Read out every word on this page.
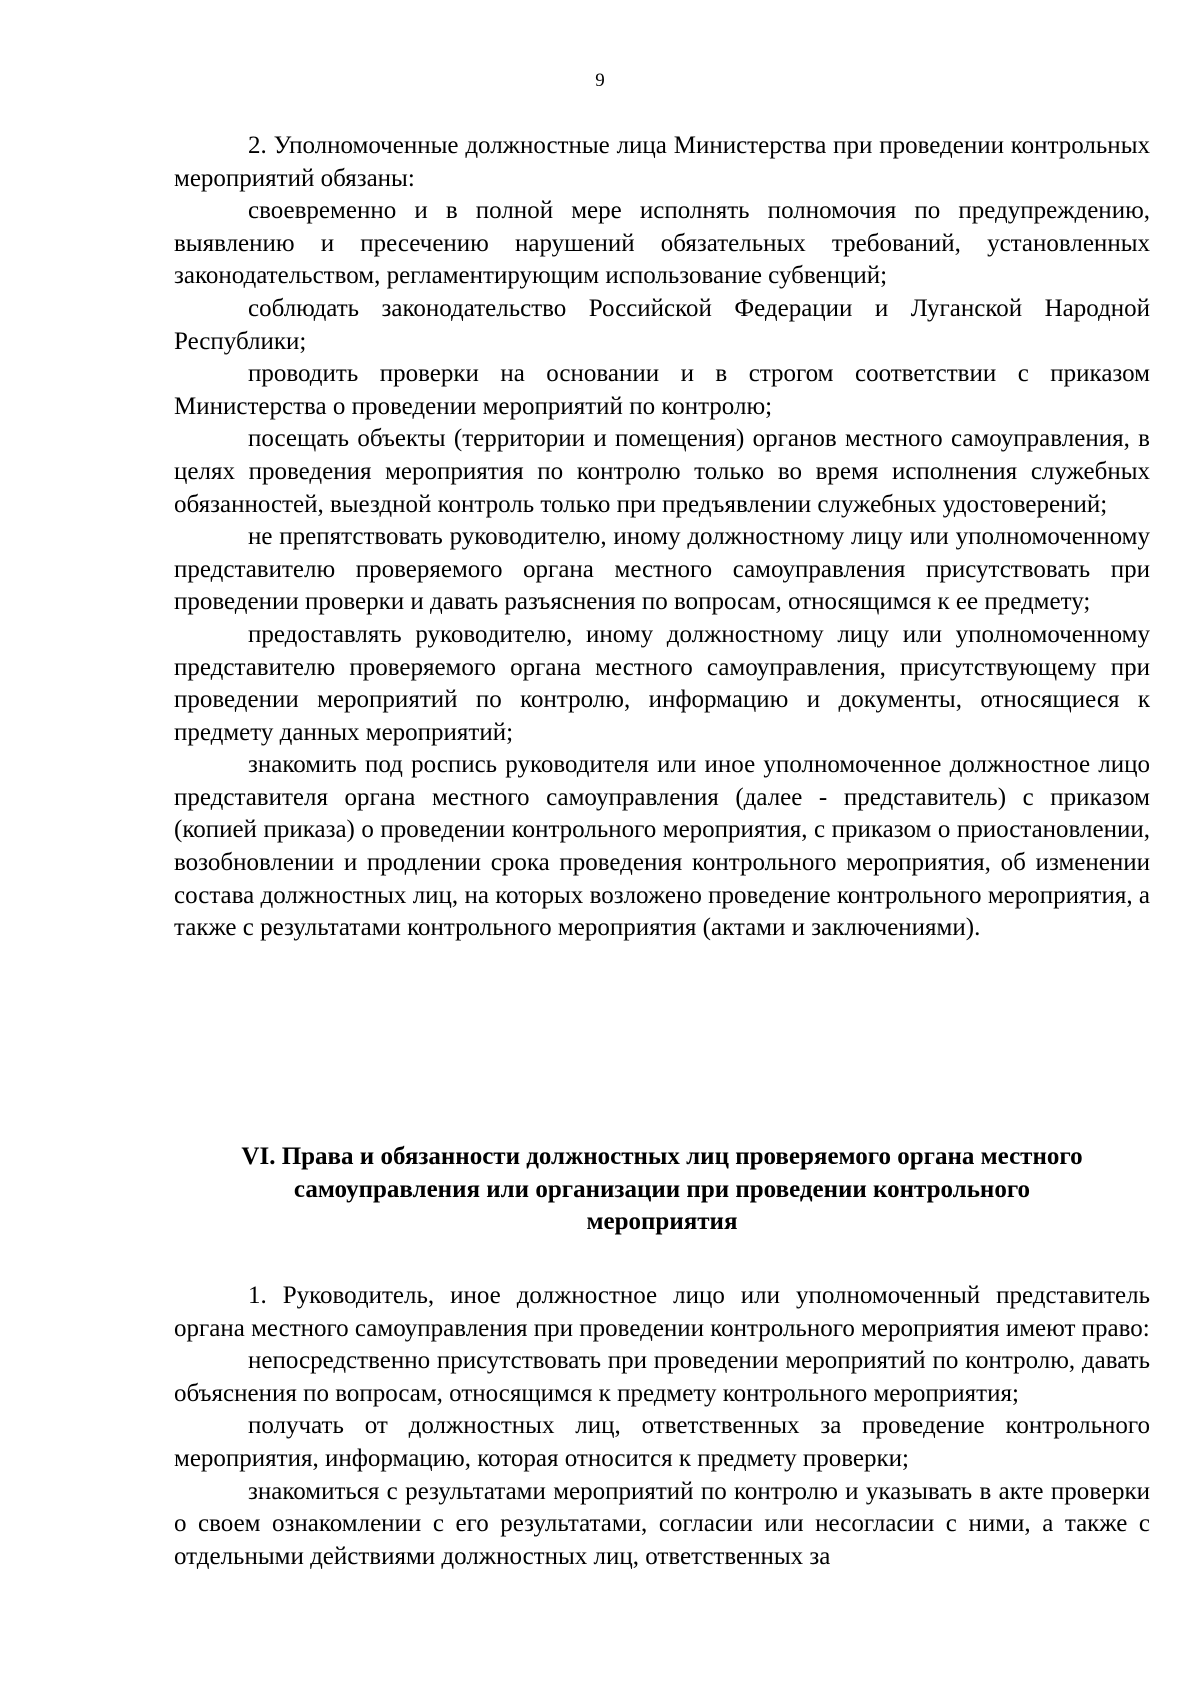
9

2. Уполномоченные должностные лица Министерства при проведении контрольных мероприятий обязаны:

своевременно и в полной мере исполнять полномочия по предупреждению, выявлению и пресечению нарушений обязательных требований, установленных законодательством, регламентирующим использование субвенций;

соблюдать законодательство Российской Федерации и Луганской Народной Республики;

проводить проверки на основании и в строгом соответствии с приказом Министерства о проведении мероприятий по контролю;

посещать объекты (территории и помещения) органов местного самоуправления, в целях проведения мероприятия по контролю только во время исполнения служебных обязанностей, выездной контроль только при предъявлении служебных удостоверений;

не препятствовать руководителю, иному должностному лицу или уполномоченному представителю проверяемого органа местного самоуправления присутствовать при проведении проверки и давать разъяснения по вопросам, относящимся к ее предмету;

предоставлять руководителю, иному должностному лицу или уполномоченному представителю проверяемого органа местного самоуправления, присутствующему при проведении мероприятий по контролю, информацию и документы, относящиеся к предмету данных мероприятий;

знакомить под роспись руководителя или иное уполномоченное должностное лицо представителя органа местного самоуправления (далее - представитель) с приказом (копией приказа) о проведении контрольного мероприятия, с приказом о приостановлении, возобновлении и продлении срока проведения контрольного мероприятия, об изменении состава должностных лиц, на которых возложено проведение контрольного мероприятия, а также с результатами контрольного мероприятия (актами и заключениями).

VI. Права и обязанности должностных лиц проверяемого органа местного
самоуправления или организации при проведении контрольного
мероприятия

1. Руководитель, иное должностное лицо или уполномоченный представитель органа местного самоуправления при проведении контрольного мероприятия имеют право:

непосредственно присутствовать при проведении мероприятий по контролю, давать объяснения по вопросам, относящимся к предмету контрольного мероприятия;

получать от должностных лиц, ответственных за проведение контрольного мероприятия, информацию, которая относится к предмету проверки;

знакомиться с результатами мероприятий по контролю и указывать в акте проверки о своем ознакомлении с его результатами, согласии или несогласии с ними, а также с отдельными действиями должностных лиц, ответственных за
